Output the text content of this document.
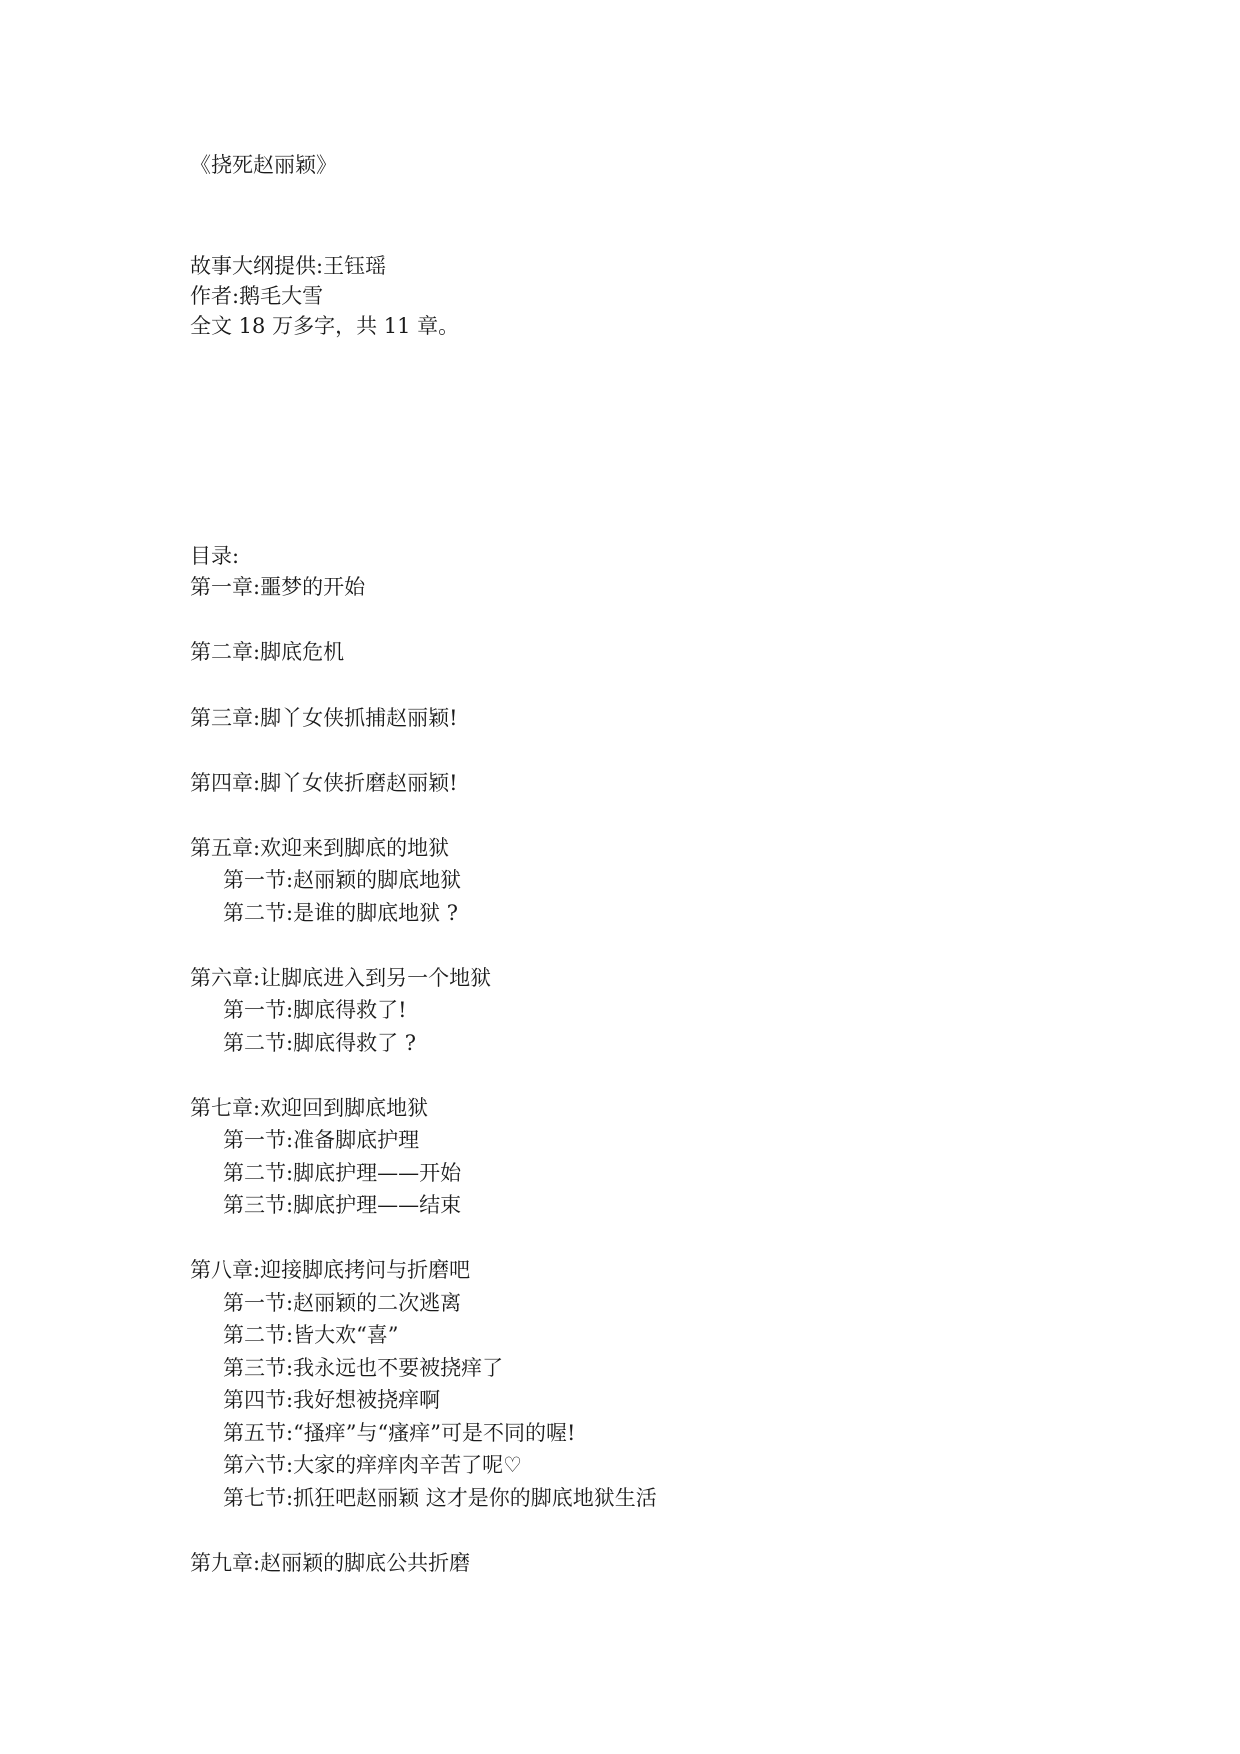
《挠死赵丽颖》
故事大纲提供:王钰瑶
作者:鹅毛大雪
全文 18 万多字，共 11 章。
目录:
第一章:噩梦的开始
第二章:脚底危机
第三章:脚丫女侠抓捕赵丽颖!
第四章:脚丫女侠折磨赵丽颖!
第五章:欢迎来到脚底的地狱
第一节:赵丽颖的脚底地狱
第二节:是谁的脚底地狱 ?
第六章:让脚底进入到另一个地狱
第一节:脚底得救了!
第二节:脚底得救了 ?
第七章:欢迎回到脚底地狱
第一节:准备脚底护理
第二节:脚底护理——开始
第三节:脚底护理——结束
第八章:迎接脚底拷问与折磨吧
第一节:赵丽颖的二次逃离
第二节:皆大欢“喜”
第三节:我永远也不要被挠痒了
第四节:我好想被挠痒啊
第五节:“搔痒”与“瘙痒”可是不同的喔!
第六节:大家的痒痒肉辛苦了呢♡
第七节:抓狂吧赵丽颖 这才是你的脚底地狱生活
第九章:赵丽颖的脚底公共折磨
